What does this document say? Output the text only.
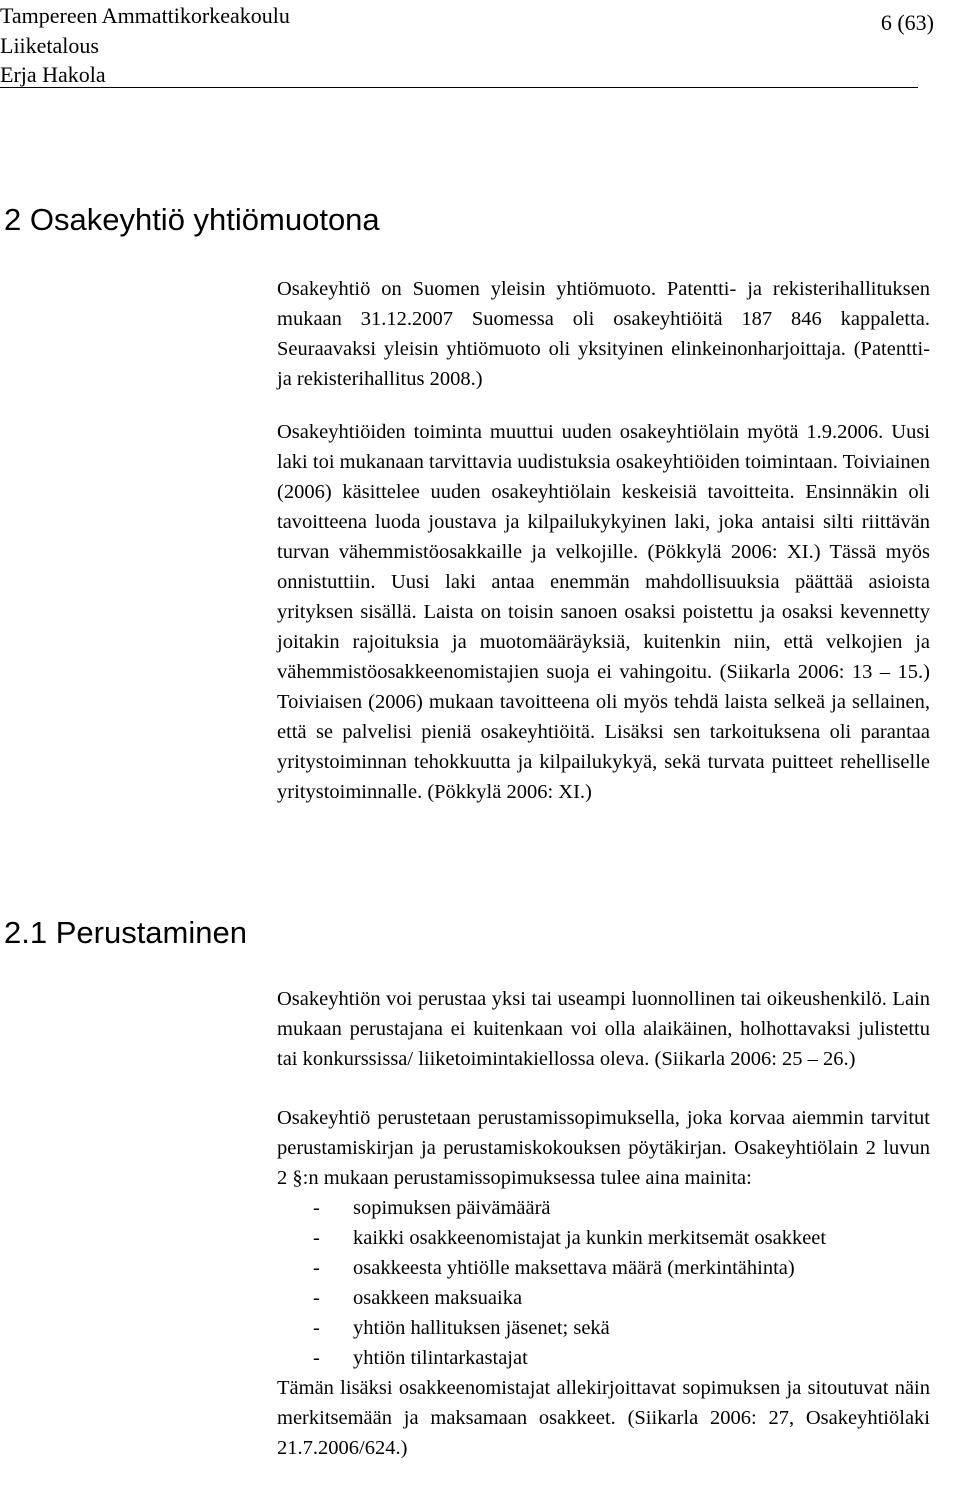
Tampereen Ammattikorkeakoulu
Liiketalous
Erja Hakola
6 (63)
2 Osakeyhtiö yhtiömuotona

Osakeyhtiö on Suomen yleisin yhtiömuoto. Patentti- ja rekisterihallituksen mukaan 31.12.2007 Suomessa oli osakeyhtiöitä 187 846 kappaletta. Seuraavaksi yleisin yhtiömuoto oli yksityinen elinkeinonharjoittaja. (Patentti- ja rekisterihallitus 2008.)

Osakeyhtiöiden toiminta muuttui uuden osakeyhtiölain myötä 1.9.2006. Uusi laki toi mukanaan tarvittavia uudistuksia osakeyhtiöiden toimintaan. Toiviainen (2006) käsittelee uuden osakeyhtiölain keskeisiä tavoitteita. Ensinnäkin oli tavoitteena luoda joustava ja kilpailukykyinen laki, joka antaisi silti riittävän turvan vähemmistöosakkaille ja velkojille. (Pökkylä 2006: XI.) Tässä myös onnistuttiin. Uusi laki antaa enemmän mahdollisuuksia päättää asioista yrityksen sisällä. Laista on toisin sanoen osaksi poistettu ja osaksi kevennetty joitakin rajoituksia ja muotomääräyksiä, kuitenkin niin, että velkojien ja vähemmistöosakkeenomistajien suoja ei vahingoitu. (Siikarla 2006: 13 – 15.) Toiviaisen (2006) mukaan tavoitteena oli myös tehdä laista selkeä ja sellainen, että se palvelisi pieniä osakeyhtiöitä. Lisäksi sen tarkoituksena oli parantaa yritystoiminnan tehokkuutta ja kilpailukykyä, sekä turvata puitteet rehelliselle yritystoiminnalle. (Pökkylä 2006: XI.)

2.1 Perustaminen

Osakeyhtiön voi perustaa yksi tai useampi luonnollinen tai oikeushenkilö. Lain mukaan perustajana ei kuitenkaan voi olla alaikäinen, holhottavaksi julistettu tai konkurssissa/ liiketoimintakiellossa oleva. (Siikarla 2006: 25 – 26.)

Osakeyhtiö perustetaan perustamissopimuksella, joka korvaa aiemmin tarvitut perustamiskirjan ja perustamiskokouksen pöytäkirjan. Osakeyhtiölain 2 luvun 2 §:n mukaan perustamissopimuksessa tulee aina mainita:

- sopimuksen päivämäärä
- kaikki osakkeenomistajat ja kunkin merkitsemät osakkeet
- osakkeesta yhtiölle maksettava määrä (merkintähinta)
- osakkeen maksuaika
- yhtiön hallituksen jäsenet; sekä
- yhtiön tilintarkastajat

Tämän lisäksi osakkeenomistajat allekirjoittavat sopimuksen ja sitoutuvat näin merkitsemään ja maksamaan osakkeet. (Siikarla 2006: 27, Osakeyhtiölaki 21.7.2006/624.)
